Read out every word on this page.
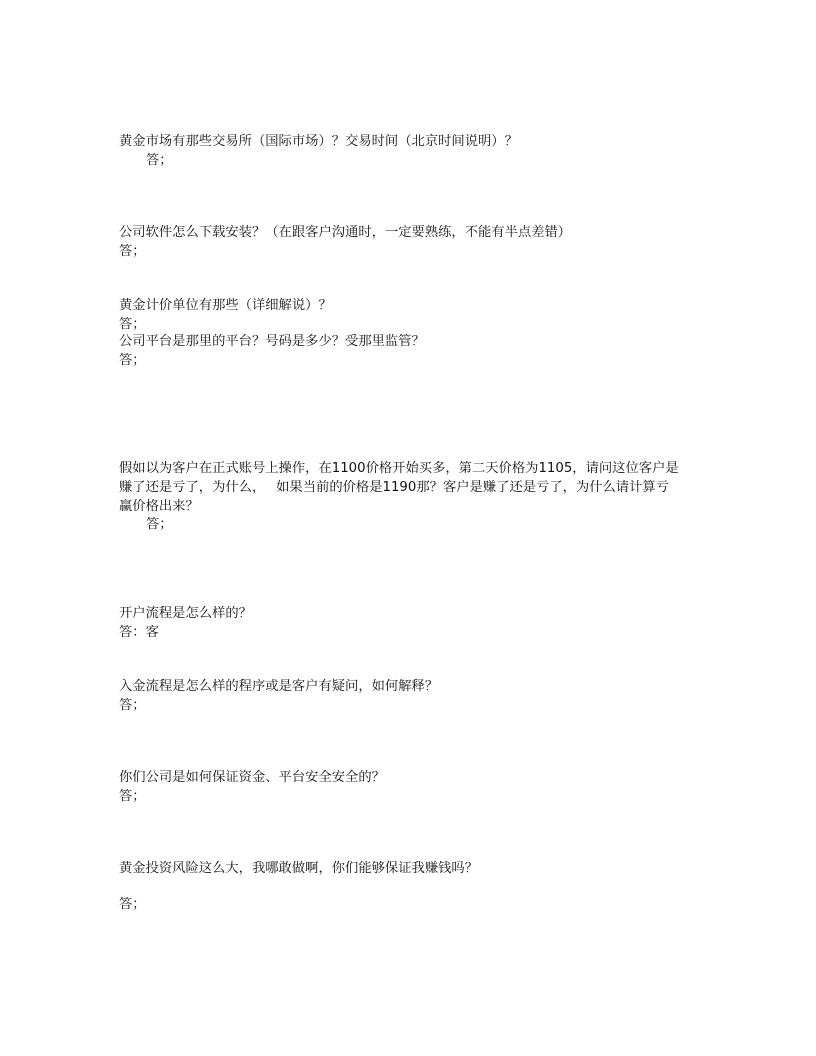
黄金市场有那些交易所（国际市场）？交易时间（北京时间说明）？
答；
公司软件怎么下载安装？（在跟客户沟通时，一定要熟练，不能有半点差错）
答；
黄金计价单位有那些（详细解说）？
答；
公司平台是那里的平台？号码是多少？受那里监管？
答；
假如以为客户在正式账号上操作，在1100价格开始买多，第二天价格为1105，请问这位客户是
赚了还是亏了，为什么，　 如果当前的价格是1190那？客户是赚了还是亏了，为什么请计算亏
赢价格出来？
答；
开户流程是怎么样的？
答：客
入金流程是怎么样的程序或是客户有疑问，如何解释？
答；
你们公司是如何保证资金、平台安全安全的？
答；
黄金投资风险这么大，我哪敢做啊，你们能够保证我赚钱吗？
答；
